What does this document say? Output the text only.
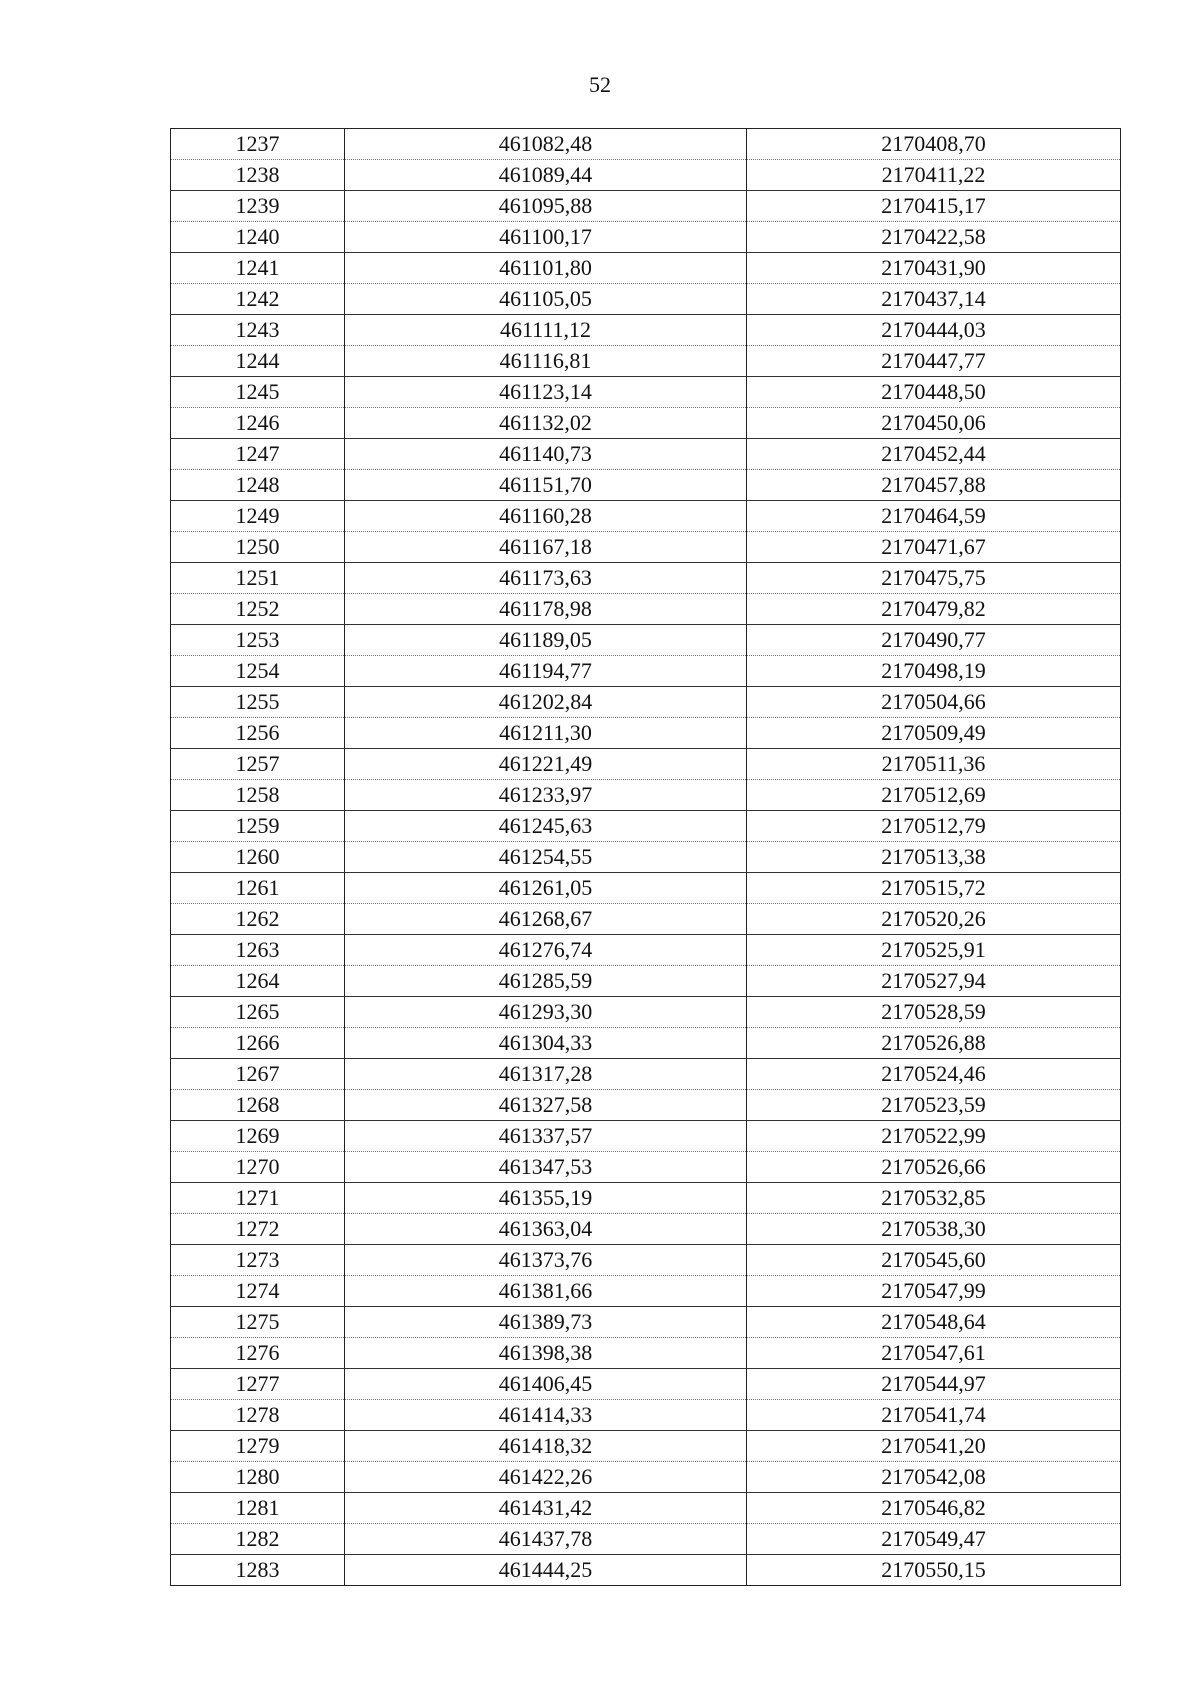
52
1237	461082,48	2170408,70
1238	461089,44	2170411,22
1239	461095,88	2170415,17
1240	461100,17	2170422,58
1241	461101,80	2170431,90
1242	461105,05	2170437,14
1243	461111,12	2170444,03
1244	461116,81	2170447,77
1245	461123,14	2170448,50
1246	461132,02	2170450,06
1247	461140,73	2170452,44
1248	461151,70	2170457,88
1249	461160,28	2170464,59
1250	461167,18	2170471,67
1251	461173,63	2170475,75
1252	461178,98	2170479,82
1253	461189,05	2170490,77
1254	461194,77	2170498,19
1255	461202,84	2170504,66
1256	461211,30	2170509,49
1257	461221,49	2170511,36
1258	461233,97	2170512,69
1259	461245,63	2170512,79
1260	461254,55	2170513,38
1261	461261,05	2170515,72
1262	461268,67	2170520,26
1263	461276,74	2170525,91
1264	461285,59	2170527,94
1265	461293,30	2170528,59
1266	461304,33	2170526,88
1267	461317,28	2170524,46
1268	461327,58	2170523,59
1269	461337,57	2170522,99
1270	461347,53	2170526,66
1271	461355,19	2170532,85
1272	461363,04	2170538,30
1273	461373,76	2170545,60
1274	461381,66	2170547,99
1275	461389,73	2170548,64
1276	461398,38	2170547,61
1277	461406,45	2170544,97
1278	461414,33	2170541,74
1279	461418,32	2170541,20
1280	461422,26	2170542,08
1281	461431,42	2170546,82
1282	461437,78	2170549,47
1283	461444,25	2170550,15
